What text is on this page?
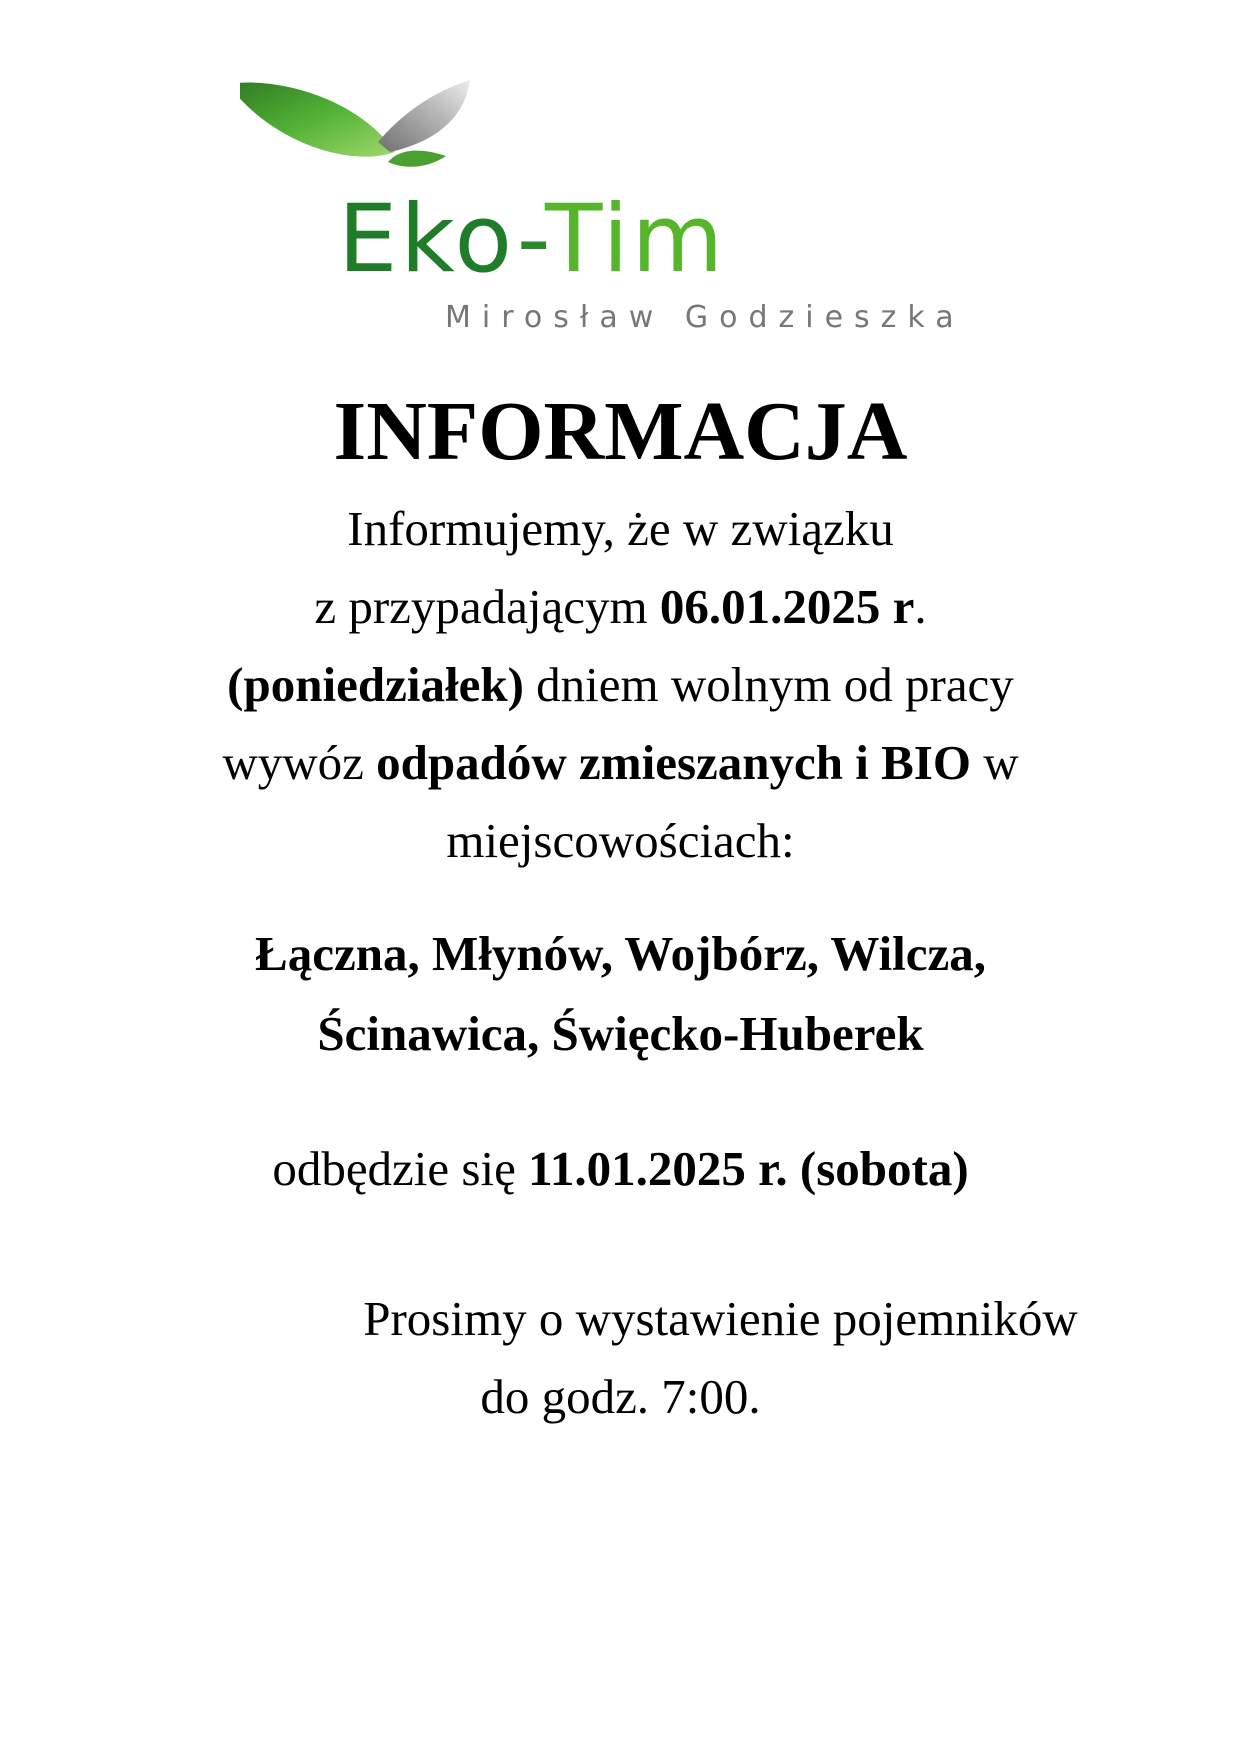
Eko-Tim
Mirosław Godzieszka
INFORMACJA
Informujemy, że w związku
z przypadającym 06.01.2025 r.
(poniedziałek) dniem wolnym od pracy
wywóz odpadów zmieszanych i BIO w
miejscowościach:
Łączna, Młynów, Wojbórz, Wilcza,
Ścinawica, Święcko-Huberek
odbędzie się 11.01.2025 r. (sobota)
Prosimy o wystawienie pojemników
do godz. 7:00.
